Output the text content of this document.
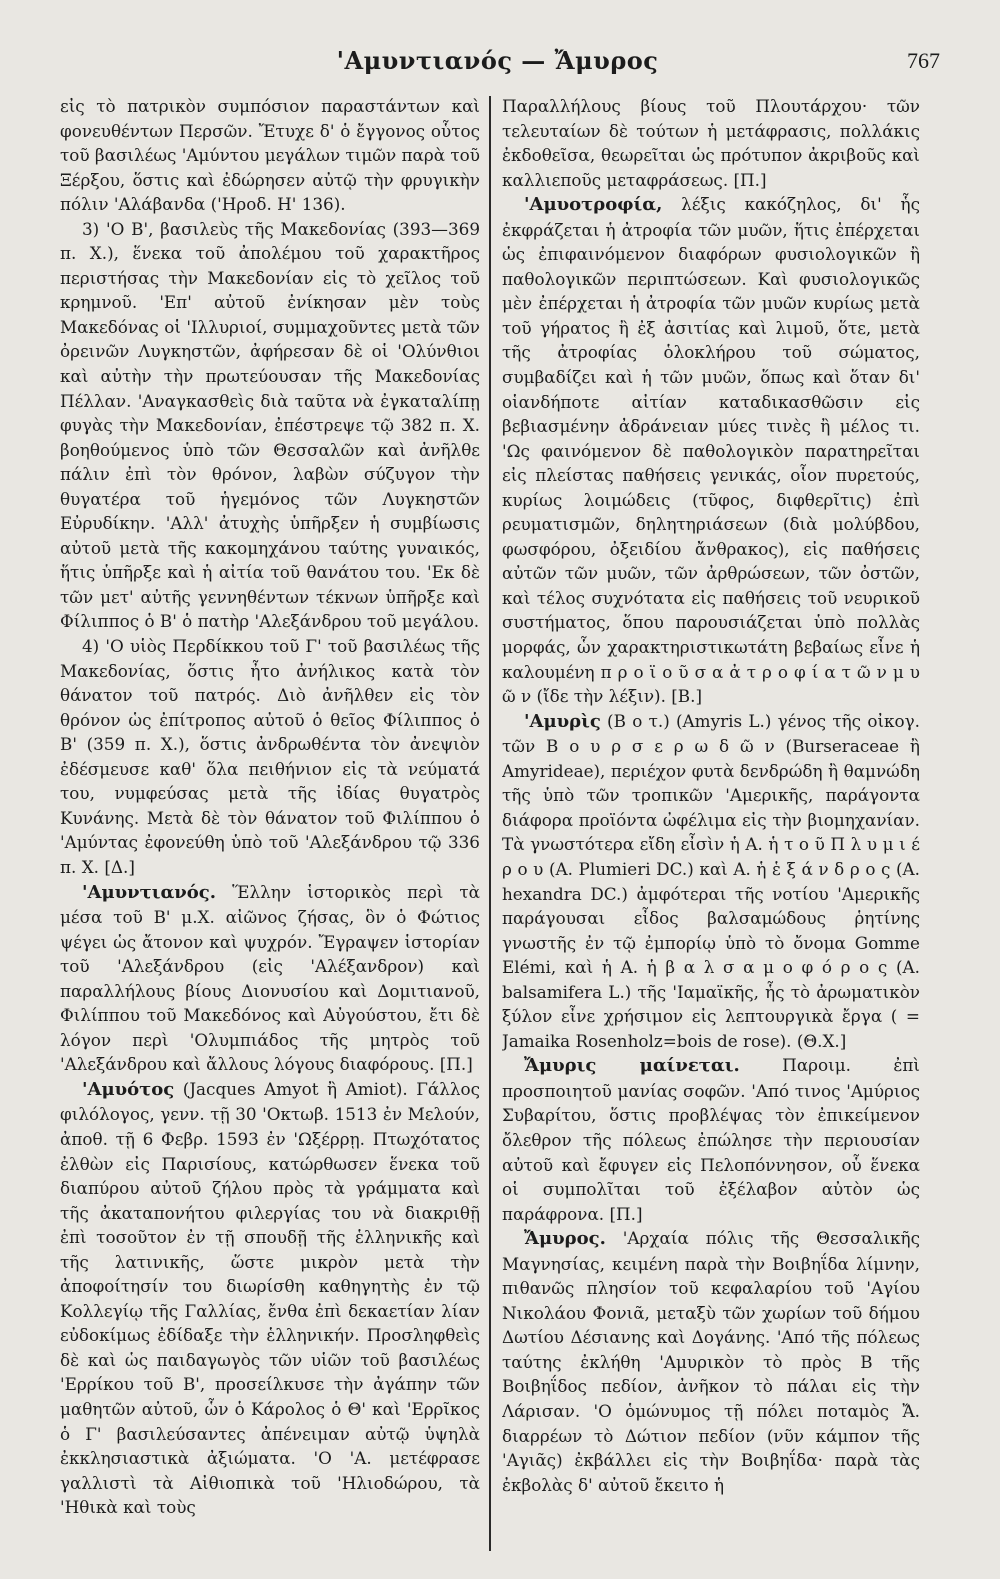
'Αμυντιανός — Ἄμυρος	767

εἰς τὸ πατρικὸν συμπόσιον παραστάντων καὶ φονευθέντων Περσῶν. Ἔτυχε δ' ὁ ἔγγονος οὗτος τοῦ βασιλέως 'Αμύντου μεγάλων τιμῶν παρὰ τοῦ Ξέρξου, ὅστις καὶ ἐδώρησεν αὐτῷ τὴν φρυγικὴν πόλιν 'Αλάβανδα ('Ηροδ. Η' 136).

3) 'Ο Β', βασιλεὺς τῆς Μακεδονίας (393—369 π. Χ.), ἕνεκα τοῦ ἀπολέμου τοῦ χαρακτῆρος περιστήσας τὴν Μακεδονίαν εἰς τὸ χεῖλος τοῦ κρημνοῦ. 'Επ' αὐτοῦ ἐνίκησαν μὲν τοὺς Μακεδόνας οἱ 'Ιλλυριοί, συμμαχοῦντες μετὰ τῶν ὀρεινῶν Λυγκηστῶν, ἀφήρεσαν δὲ οἱ 'Ολύνθιοι καὶ αὐτὴν τὴν πρωτεύουσαν τῆς Μακεδονίας Πέλλαν. 'Αναγκασθεὶς διὰ ταῦτα νὰ ἐγκαταλίπῃ φυγὰς τὴν Μακεδονίαν, ἐπέστρεψε τῷ 382 π. Χ. βοηθούμενος ὑπὸ τῶν Θεσσαλῶν καὶ ἀνῆλθε πάλιν ἐπὶ τὸν θρόνον, λαβὼν σύζυγον τὴν θυγατέρα τοῦ ἡγεμόνος τῶν Λυγκηστῶν Εὐρυδίκην. 'Αλλ' ἀτυχὴς ὑπῆρξεν ἡ συμβίωσις αὐτοῦ μετὰ τῆς κακομηχάνου ταύτης γυναικός, ἥτις ὑπῆρξε καὶ ἡ αἰτία τοῦ θανάτου του. 'Εκ δὲ τῶν μετ' αὐτῆς γεννηθέντων τέκνων ὑπῆρξε καὶ Φίλιππος ὁ Β' ὁ πατὴρ 'Αλεξάνδρου τοῦ μεγάλου.

4) 'Ο υἱὸς Περδίκκου τοῦ Γ' τοῦ βασιλέως τῆς Μακεδονίας, ὅστις ἦτο ἀνήλικος κατὰ τὸν θάνατον τοῦ πατρός. Διὸ ἀνῆλθεν εἰς τὸν θρόνον ὡς ἐπίτροπος αὐτοῦ ὁ θεῖος Φίλιππος ὁ Β' (359 π. Χ.), ὅστις ἀνδρωθέντα τὸν ἀνεψιὸν ἐδέσμευσε καθ' ὅλα πειθήνιον εἰς τὰ νεύματά του, νυμφεύσας μετὰ τῆς ἰδίας θυγατρὸς Κυνάνης. Μετὰ δὲ τὸν θάνατον τοῦ Φιλίππου ὁ 'Αμύντας ἐφονεύθη ὑπὸ τοῦ 'Αλεξάνδρου τῷ 336 π. Χ. [Δ.]

'Αμυντιανός. Ἕλλην ἱστορικὸς περὶ τὰ μέσα τοῦ Β' μ.Χ. αἰῶνος ζήσας, ὃν ὁ Φώτιος ψέγει ὡς ἄτονον καὶ ψυχρόν. Ἔγραψεν ἱστορίαν τοῦ 'Αλεξάνδρου (εἰς 'Αλέξανδρον) καὶ παραλλήλους βίους Διονυσίου καὶ Δομιτιανοῦ, Φιλίππου τοῦ Μακεδόνος καὶ Αὐγούστου, ἔτι δὲ λόγον περὶ 'Ολυμπιάδος τῆς μητρὸς τοῦ 'Αλεξάνδρου καὶ ἄλλους λόγους διαφόρους. [Π.]

'Αμυότος (Jacques Amyot ἢ Amiot). Γάλλος φιλόλογος, γενν. τῇ 30 'Οκτωβ. 1513 ἐν Μελούν, ἀποθ. τῇ 6 Φεβρ. 1593 ἐν 'Ωξέρρῃ. Πτωχότατος ἐλθὼν εἰς Παρισίους, κατώρθωσεν ἕνεκα τοῦ διαπύρου αὐτοῦ ζήλου πρὸς τὰ γράμματα καὶ τῆς ἀκαταπονήτου φιλεργίας του νὰ διακριθῇ ἐπὶ τοσοῦτον ἐν τῇ σπουδῇ τῆς ἑλληνικῆς καὶ τῆς λατινικῆς, ὥστε μικρὸν μετὰ τὴν ἀποφοίτησίν του διωρίσθη καθηγητὴς ἐν τῷ Κολλεγίῳ τῆς Γαλλίας, ἔνθα ἐπὶ δεκαετίαν λίαν εὐδοκίμως ἐδίδαξε τὴν ἑλληνικήν. Προσληφθεὶς δὲ καὶ ὡς παιδαγωγὸς τῶν υἱῶν τοῦ βασιλέως 'Ερρίκου τοῦ Β', προσείλκυσε τὴν ἀγάπην τῶν μαθητῶν αὐτοῦ, ὧν ὁ Κάρολος ὁ Θ' καὶ 'Ερρῖκος ὁ Γ' βασιλεύσαντες ἀπένειμαν αὐτῷ ὑψηλὰ ἐκκλησιαστικὰ ἀξιώματα. 'Ο 'Α. μετέφρασε γαλλιστὶ τὰ Αἰθιοπικὰ τοῦ 'Ηλιοδώρου, τὰ 'Ηθικὰ καὶ τοὺς

Παραλλήλους βίους τοῦ Πλουτάρχου· τῶν τελευταίων δὲ τούτων ἡ μετάφρασις, πολλάκις ἐκδοθεῖσα, θεωρεῖται ὡς πρότυπον ἀκριβοῦς καὶ καλλιεποῦς μεταφράσεως. [Π.]

'Αμυοτροφία, λέξις κακόζηλος, δι' ἧς ἐκφράζεται ἡ ἀτροφία τῶν μυῶν, ἥτις ἐπέρχεται ὡς ἐπιφαινόμενον διαφόρων φυσιολογικῶν ἢ παθολογικῶν περιπτώσεων. Καὶ φυσιολογικῶς μὲν ἐπέρχεται ἡ ἀτροφία τῶν μυῶν κυρίως μετὰ τοῦ γήρατος ἢ ἐξ ἀσιτίας καὶ λιμοῦ, ὅτε, μετὰ τῆς ἀτροφίας ὁλοκλήρου τοῦ σώματος, συμβαδίζει καὶ ἡ τῶν μυῶν, ὅπως καὶ ὅταν δι' οἱανδήποτε αἰτίαν καταδικασθῶσιν εἰς βεβιασμένην ἀδράνειαν μύες τινὲς ἢ μέλος τι. 'Ως φαινόμενον δὲ παθολογικὸν παρατηρεῖται εἰς πλείστας παθήσεις γενικάς, οἷον πυρετούς, κυρίως λοιμώδεις (τῦφος, διφθερῖτις) ἐπὶ ρευματισμῶν, δηλητηριάσεων (διὰ μολύβδου, φωσφόρου, ὀξειδίου ἄνθρακος), εἰς παθήσεις αὐτῶν τῶν μυῶν, τῶν ἀρθρώσεων, τῶν ὀστῶν, καὶ τέλος συχνότατα εἰς παθήσεις τοῦ νευρικοῦ συστήματος, ὅπου παρουσιάζεται ὑπὸ πολλὰς μορφάς, ὧν χαρακτηριστικωτάτη βεβαίως εἶνε ἡ καλουμένη π ρ ο ϊ ο ῦ σ α ἀ τ ρ ο φ ί α τ ῶ ν μ υ ῶ ν (ἴδε τὴν λέξιν). [Β.]

'Αμυρὶς (Β ο τ.) (Amyris L.) γένος τῆς οἰκογ. τῶν Β ο υ ρ σ ε ρ ω δ ῶ ν (Burseraceae ἢ Amyrideae), περιέχον φυτὰ δενδρώδη ἢ θαμνώδη τῆς ὑπὸ τῶν τροπικῶν 'Αμερικῆς, παράγοντα διάφορα προϊόντα ὠφέλιμα εἰς τὴν βιομηχανίαν. Τὰ γνωστότερα εἴδη εἶσὶν ἡ Α. ἡ τ ο ῦ Π λ υ μ ι έ ρ ο υ (A. Plumieri DC.) καὶ Α. ἡ ἑ ξ ά ν δ ρ ο ς (A. hexandra DC.) ἀμφότεραι τῆς νοτίου 'Αμερικῆς παράγουσαι εἶδος βαλσαμώδους ῥητίνης γνωστῆς ἐν τῷ ἐμπορίῳ ὑπὸ τὸ ὄνομα Gomme Elémi, καὶ ἡ Α. ἡ β α λ σ α μ ο φ ό ρ ο ς (A. balsamifera L.) τῆς 'Ιαμαϊκῆς, ἧς τὸ ἀρωματικὸν ξύλον εἶνε χρήσιμον εἰς λεπτουργικὰ ἔργα ( = Jamaika Rosenholz=bois de rose). (Θ.Χ.]

Ἄμυρις μαίνεται. Παροιμ. ἐπὶ προσποιητοῦ μανίας σοφῶν. 'Από τινος 'Αμύριος Συβαρίτου, ὅστις προβλέψας τὸν ἐπικείμενον ὄλεθρον τῆς πόλεως ἐπώλησε τὴν περιουσίαν αὐτοῦ καὶ ἔφυγεν εἰς Πελοπόννησον, οὗ ἕνεκα οἱ συμπολῖται τοῦ ἐξέλαβον αὐτὸν ὡς παράφρονα. [Π.]

Ἄμυρος. 'Αρχαία πόλις τῆς Θεσσαλικῆς Μαγνησίας, κειμένη παρὰ τὴν Βοιβηΐδα λίμνην, πιθανῶς πλησίον τοῦ κεφαλαρίου τοῦ 'Αγίου Νικολάου Φονιᾶ, μεταξὺ τῶν χωρίων τοῦ δήμου Δωτίου Δέσιανης καὶ Δογάνης. 'Από τῆς πόλεως ταύτης ἐκλήθη 'Αμυρικὸν τὸ πρὸς Β τῆς Βοιβηΐδος πεδίον, ἀνῆκον τὸ πάλαι εἰς τὴν Λάρισαν. 'Ο ὁμώνυμος τῇ πόλει ποταμὸς Ἄ. διαρρέων τὸ Δώτιον πεδίον (νῦν κάμπον τῆς 'Αγιᾶς) ἐκβάλλει εἰς τὴν Βοιβηΐδα· παρὰ τὰς ἐκβολὰς δ' αὐτοῦ ἔκειτο ἡ
